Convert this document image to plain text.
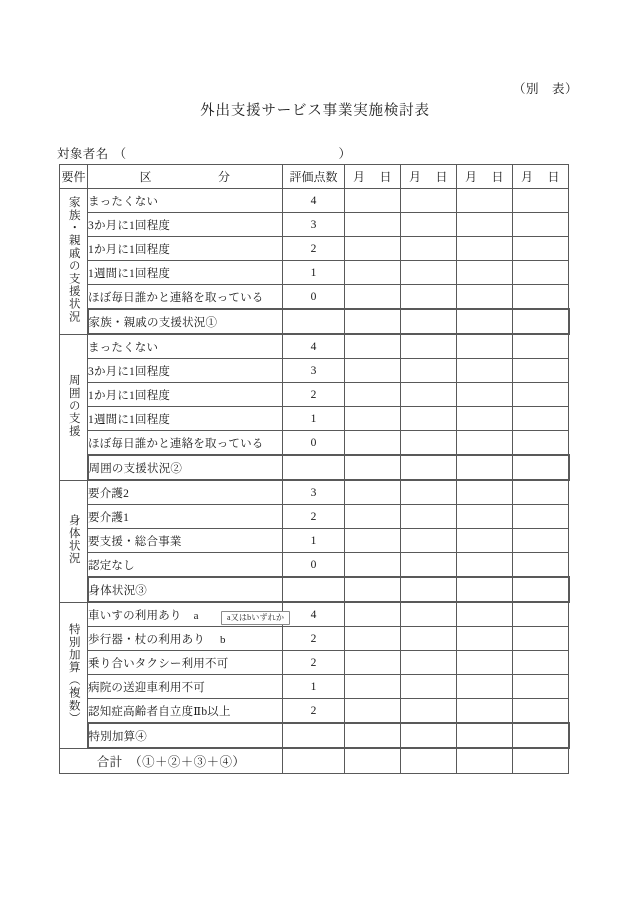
（別　表）
外出支援サービス事業実施検討表
対象者名 （	）
要件	区 分	評価点数	月 日	月 日	月 日	月 日
家族・親戚の支援状況	まったくない	4				
	3か月に1回程度	3				
	1か月に1回程度	2				
	1週間に1回程度	1				
	ほぼ毎日誰かと連絡を取っている	0				
	家族・親戚の支援状況①					
周囲の支援	まったくない	4				
	3か月に1回程度	3				
	1か月に1回程度	2				
	1週間に1回程度	1				
	ほぼ毎日誰かと連絡を取っている	0				
	周囲の支援状況②					
身体状況	要介護2	3				
	要介護1	2				
	要支援・総合事業	1				
	認定なし	0				
	身体状況③					
特別加算（複数）	車いすの利用あり a a又はbいずれか	4				
	歩行器・杖の利用あり b	2				
	乗り合いタクシー利用不可	2				
	病院の送迎車利用不可	1				
	認知症高齢者自立度Ⅱb以上	2				
	特別加算④					
合計　（①＋②＋③＋④）						
